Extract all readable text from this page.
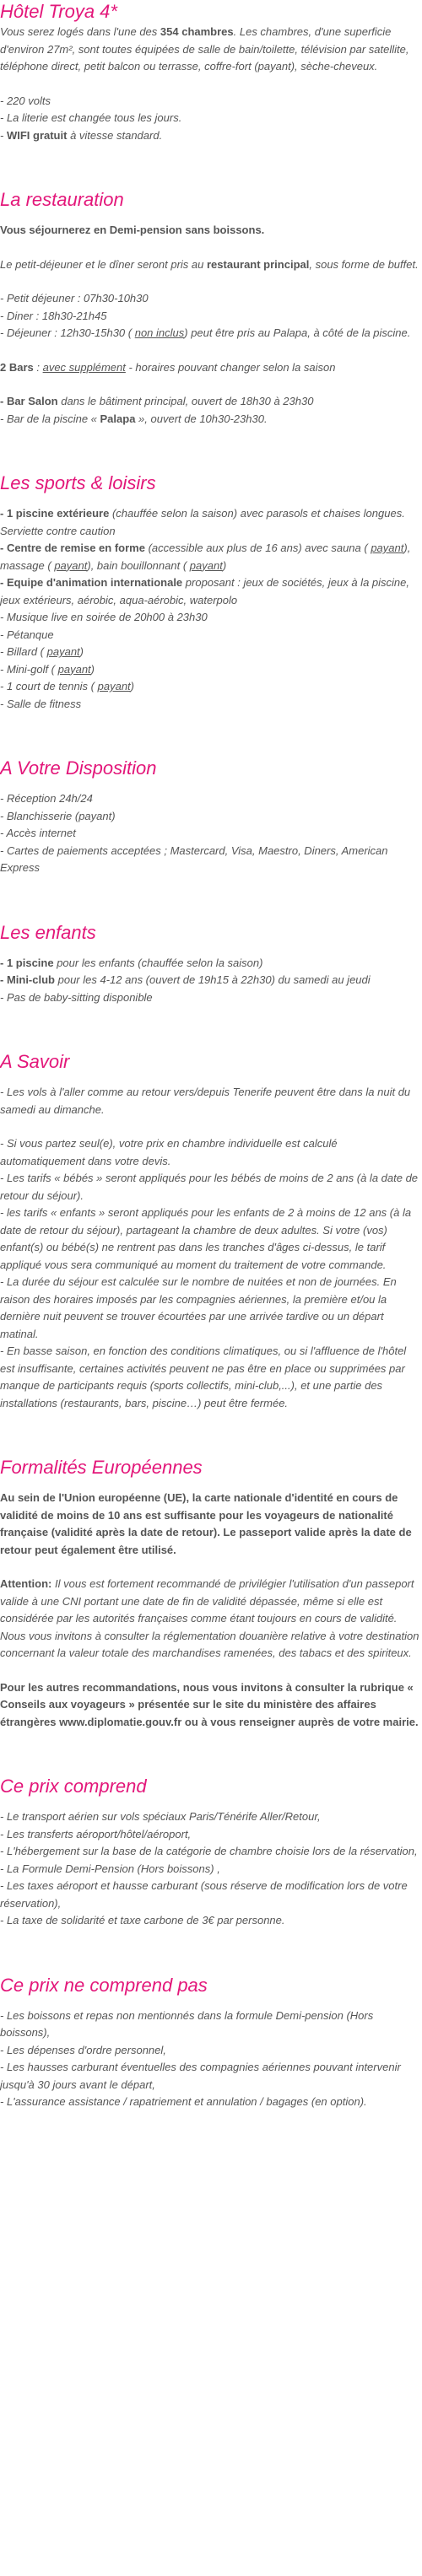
Hôtel Troya 4*

Vous serez logés dans l'une des 354 chambres. Les chambres, d'une superficie d'environ 27m², sont toutes équipées de salle de bain/toilette, télévision par satellite, téléphone direct, petit balcon ou terrasse, coffre-fort (payant), sèche-cheveux.

- 220 volts

- La literie est changée tous les jours.

- WIFI gratuit à vitesse standard.

La restauration

Vous séjournerez en Demi-pension sans boissons.

Le petit-déjeuner et le dîner seront pris au restaurant principal, sous forme de buffet.

- Petit déjeuner : 07h30-10h30

- Diner : 18h30-21h45

- Déjeuner : 12h30-15h30 ( non inclus) peut être pris au Palapa, à côté de la piscine.

2 Bars : avec supplément - horaires pouvant changer selon la saison

- Bar Salon dans le bâtiment principal, ouvert de 18h30 à 23h30

- Bar de la piscine « Palapa », ouvert de 10h30-23h30.

Les sports & loisirs

- 1 piscine extérieure (chauffée selon la saison) avec parasols et chaises longues. Serviette contre caution

- Centre de remise en forme (accessible aux plus de 16 ans) avec sauna ( payant), massage ( payant), bain bouillonnant ( payant)

- Equipe d'animation internationale proposant : jeux de sociétés, jeux à la piscine, jeux extérieurs, aérobic, aqua-aérobic, waterpolo

- Musique live en soirée de 20h00 à 23h30

- Pétanque

- Billard ( payant)

- Mini-golf ( payant)

- 1 court de tennis ( payant)

- Salle de fitness

A Votre Disposition

- Réception 24h/24

- Blanchisserie (payant)

- Accès internet

- Cartes de paiements acceptées ; Mastercard, Visa, Maestro, Diners, American Express

Les enfants

- 1 piscine pour les enfants (chauffée selon la saison)

- Mini-club pour les 4-12 ans (ouvert de 19h15 à 22h30) du samedi au jeudi

- Pas de baby-sitting disponible

A Savoir

- Les vols à l'aller comme au retour vers/depuis Tenerife peuvent être dans la nuit du samedi au dimanche.

- Si vous partez seul(e), votre prix en chambre individuelle est calculé automatiquement dans votre devis.

- Les tarifs « bébés » seront appliqués pour les bébés de moins de 2 ans (à la date de retour du séjour).

- les tarifs « enfants » seront appliqués pour les enfants de 2 à moins de 12 ans (à la date de retour du séjour), partageant la chambre de deux adultes. Si votre (vos) enfant(s) ou bébé(s) ne rentrent pas dans les tranches d'âges ci-dessus, le tarif appliqué vous sera communiqué au moment du traitement de votre commande.

- La durée du séjour est calculée sur le nombre de nuitées et non de journées. En raison des horaires imposés par les compagnies aériennes, la première et/ou la dernière nuit peuvent se trouver écourtées par une arrivée tardive ou un départ matinal.

- En basse saison, en fonction des conditions climatiques, ou si l'affluence de l'hôtel est insuffisante, certaines activités peuvent ne pas être en place ou supprimées par manque de participants requis (sports collectifs, mini-club,...), et une partie des installations (restaurants, bars, piscine…) peut être fermée.

Formalités Européennes

Au sein de l'Union européenne (UE), la carte nationale d'identité en cours de validité de moins de 10 ans est suffisante pour les voyageurs de nationalité française (validité après la date de retour). Le passeport valide après la date de retour peut également être utilisé.

Attention: Il vous est fortement recommandé de privilégier l'utilisation d'un passeport valide à une CNI portant une date de fin de validité dépassée, même si elle est considérée par les autorités françaises comme étant toujours en cours de validité.

Nous vous invitons à consulter la réglementation douanière relative à votre destination concernant la valeur totale des marchandises ramenées, des tabacs et des spiriteux.

Pour les autres recommandations, nous vous invitons à consulter la rubrique « Conseils aux voyageurs » présentée sur le site du ministère des affaires étrangères www.diplomatie.gouv.fr ou à vous renseigner auprès de votre mairie.

Ce prix comprend

- Le transport aérien sur vols spéciaux Paris/Ténérife Aller/Retour,

- Les transferts aéroport/hôtel/aéroport,

- L'hébergement sur la base de la catégorie de chambre choisie lors de la réservation,

- La Formule Demi-Pension (Hors boissons) ,

- Les taxes aéroport et hausse carburant (sous réserve de modification lors de votre réservation),

- La taxe de solidarité et taxe carbone de 3€ par personne.

Ce prix ne comprend pas

- Les boissons et repas non mentionnés dans la formule Demi-pension (Hors boissons),

- Les dépenses d'ordre personnel,

- Les hausses carburant éventuelles des compagnies aériennes pouvant intervenir jusqu'à 30 jours avant le départ,

- L'assurance assistance / rapatriement et annulation / bagages (en option).
